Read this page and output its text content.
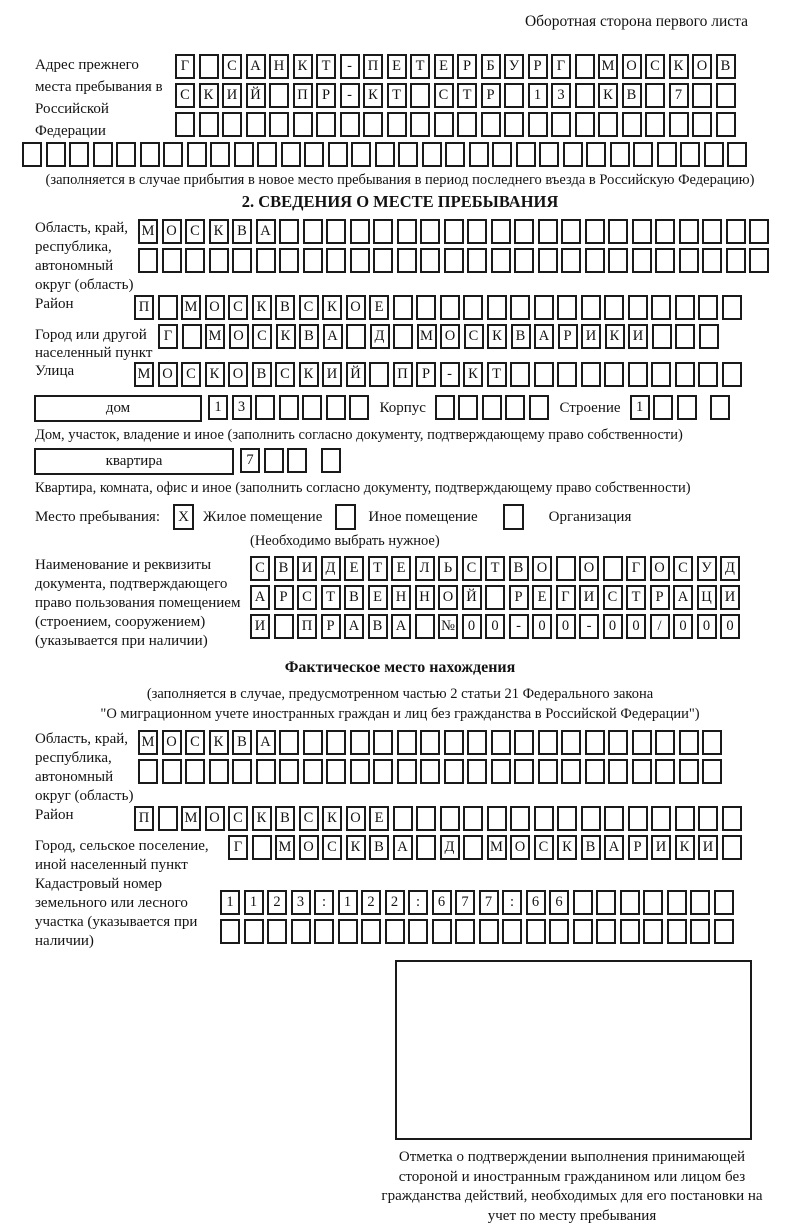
Оборотная сторона первого листа
Адрес прежнего места пребывания в Российской Федерации
Г	С А Н К Т	-	П Е	Т	Е	Р	Б У Р	Г	М О С К О В
С К И Й	П Р	-	К Т	С Т	Р	1	3	К В	7
(заполняется в случае прибытия в новое место пребывания в период последнего въезда в Российскую Федерацию)
2. СВЕДЕНИЯ О МЕСТЕ ПРЕБЫВАНИЯ
Область, край, республика, автономный округ (область)
М О С К В А
Район	П	М О С К В С К О Е
Город или другой населенный пункт
Г	М О С К В А	Д	М О С К В А Р И К И
Улица	М О С К О В С К И Й	П Р	-	К Т
дом	1	3	Корпус	Строение	1
Дом, участок, владение и иное (заполнить согласно документу, подтверждающему право собственности)
квартира	7
Квартира, комната, офис и иное (заполнить согласно документу, подтверждающему право собственности)
Место пребывания:	X Жилое помещение	Иное помещение	Организация
(Необходимо выбрать нужное)
Наименование и реквизиты документа, подтверждающего право пользования помещением (строением, сооружением) (указывается при наличии)
С В И Д Е	Т	Е Л Ь	С Т В О	О	Г О С У Д
А Р	С Т В Е Н Н О Й	Р	Е	Г И С Т	Р А Ц И
И	П Р А В А	№ 0	0	-	0	0	-	0	0	/	0	0	0
Фактическое место нахождения
(заполняется в случае, предусмотренном частью 2 статьи 21 Федерального закона
"О миграционном учете иностранных граждан и лиц без гражданства в Российской Федерации")
Область, край, республика, автономный округ (область)
М О С К В А
Район	П	М О С К В С К О Е
Город, сельское поселение, иной населенный пункт
Г	М О С К В А	Д	М О С К В А Р И К И
Кадастровый номер земельного или лесного участка (указывается при наличии)
1	1	2	3	:	1	2	2	:	6	7	7	:	6	6
Отметка о подтверждении выполнения принимающей стороной и иностранным гражданином или лицом без гражданства действий, необходимых для его постановки на учет по месту пребывания
